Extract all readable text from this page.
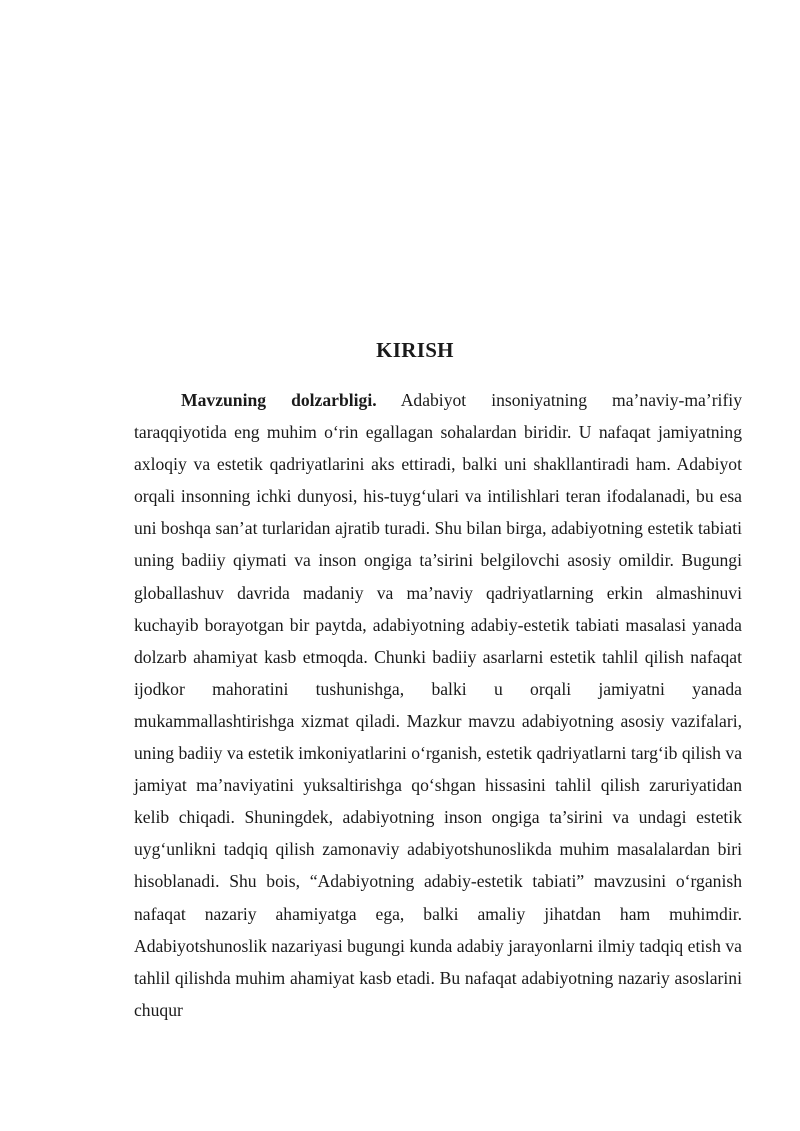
KIRISH

Mavzuning dolzarbligi. Adabiyot insoniyatning ma’naviy-ma’rifiy taraqqiyotida eng muhim o‘rin egallagan sohalardan biridir. U nafaqat jamiyatning axloqiy va estetik qadriyatlarini aks ettiradi, balki uni shakllantiradi ham. Adabiyot orqali insonning ichki dunyosi, his-tuyg‘ulari va intilishlari teran ifodalanadi, bu esa uni boshqa san’at turlaridan ajratib turadi. Shu bilan birga, adabiyotning estetik tabiati uning badiiy qiymati va inson ongiga ta’sirini belgilovchi asosiy omildir. Bugungi globallashuv davrida madaniy va ma’naviy qadriyatlarning erkin almashinuvi kuchayib borayotgan bir paytda, adabiyotning adabiy-estetik tabiati masalasi yanada dolzarb ahamiyat kasb etmoqda. Chunki badiiy asarlarni estetik tahlil qilish nafaqat ijodkor mahoratini tushunishga, balki u orqali jamiyatni yanada mukammallashtirishga xizmat qiladi. Mazkur mavzu adabiyotning asosiy vazifalari, uning badiiy va estetik imkoniyatlarini o‘rganish, estetik qadriyatlarni targ‘ib qilish va jamiyat ma’naviyatini yuksaltirishga qo‘shgan hissasini tahlil qilish zaruriyatidan kelib chiqadi. Shuningdek, adabiyotning inson ongiga ta’sirini va undagi estetik uyg‘unlikni tadqiq qilish zamonaviy adabiyotshunoslikda muhim masalalardan biri hisoblanadi. Shu bois, “Adabiyotning adabiy-estetik tabiati” mavzusini o‘rganish nafaqat nazariy ahamiyatga ega, balki amaliy jihatdan ham muhimdir. Adabiyotshunoslik nazariyasi bugungi kunda adabiy jarayonlarni ilmiy tadqiq etish va tahlil qilishda muhim ahamiyat kasb etadi. Bu nafaqat adabiyotning nazariy asoslarini chuqur
